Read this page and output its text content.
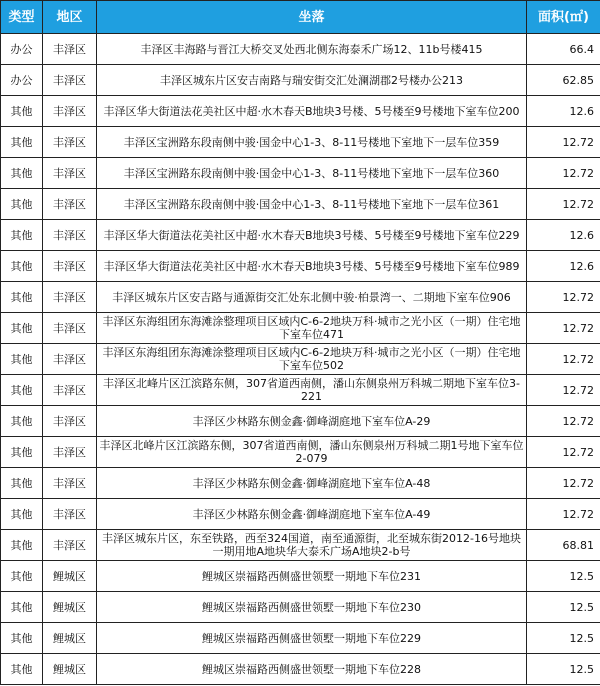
类型	地区	坐落	面积(㎡)
办公	丰泽区	丰泽区丰海路与晋江大桥交叉处西北侧东海泰禾广场12、11b号楼415	66.4
办公	丰泽区	丰泽区城东片区安吉南路与瑞安街交汇处澜湖郡2号楼办公213	62.85
其他	丰泽区	丰泽区华大街道法花美社区中超·水木春天B地块3号楼、5号楼至9号楼地下室车位200	12.6
其他	丰泽区	丰泽区宝洲路东段南侧中骏·国金中心1-3、8-11号楼地下室地下一层车位359	12.72
其他	丰泽区	丰泽区宝洲路东段南侧中骏·国金中心1-3、8-11号楼地下室地下一层车位360	12.72
其他	丰泽区	丰泽区宝洲路东段南侧中骏·国金中心1-3、8-11号楼地下室地下一层车位361	12.72
其他	丰泽区	丰泽区华大街道法花美社区中超·水木春天B地块3号楼、5号楼至9号楼地下室车位229	12.6
其他	丰泽区	丰泽区华大街道法花美社区中超·水木春天B地块3号楼、5号楼至9号楼地下室车位989	12.6
其他	丰泽区	丰泽区城东片区安吉路与通源街交汇处东北侧中骏·柏景湾一、二期地下室车位906	12.72
其他	丰泽区	丰泽区东海组团东海滩涂整理项目区域内C-6-2地块万科·城市之光小区（一期）住宅地下室车位471	12.72
其他	丰泽区	丰泽区东海组团东海滩涂整理项目区域内C-6-2地块万科·城市之光小区（一期）住宅地下室车位502	12.72
其他	丰泽区	丰泽区北峰片区江滨路东侧，307省道西南侧，潘山东侧泉州万科城二期地下室车位3-221	12.72
其他	丰泽区	丰泽区少林路东侧金鑫·御峰湖庭地下室车位A-29	12.72
其他	丰泽区	丰泽区北峰片区江滨路东侧，307省道西南侧，潘山东侧泉州万科城二期1号地下室车位2-079	12.72
其他	丰泽区	丰泽区少林路东侧金鑫·御峰湖庭地下室车位A-48	12.72
其他	丰泽区	丰泽区少林路东侧金鑫·御峰湖庭地下室车位A-49	12.72
其他	丰泽区	丰泽区城东片区，东至铁路，西至324国道，南至通源街，北至城东街2012-16号地块一期用地A地块华大泰禾广场A地块2-b号	68.81
其他	鲤城区	鲤城区崇福路西侧盛世领墅一期地下车位231	12.5
其他	鲤城区	鲤城区崇福路西侧盛世领墅一期地下车位230	12.5
其他	鲤城区	鲤城区崇福路西侧盛世领墅一期地下车位229	12.5
其他	鲤城区	鲤城区崇福路西侧盛世领墅一期地下车位228	12.5
